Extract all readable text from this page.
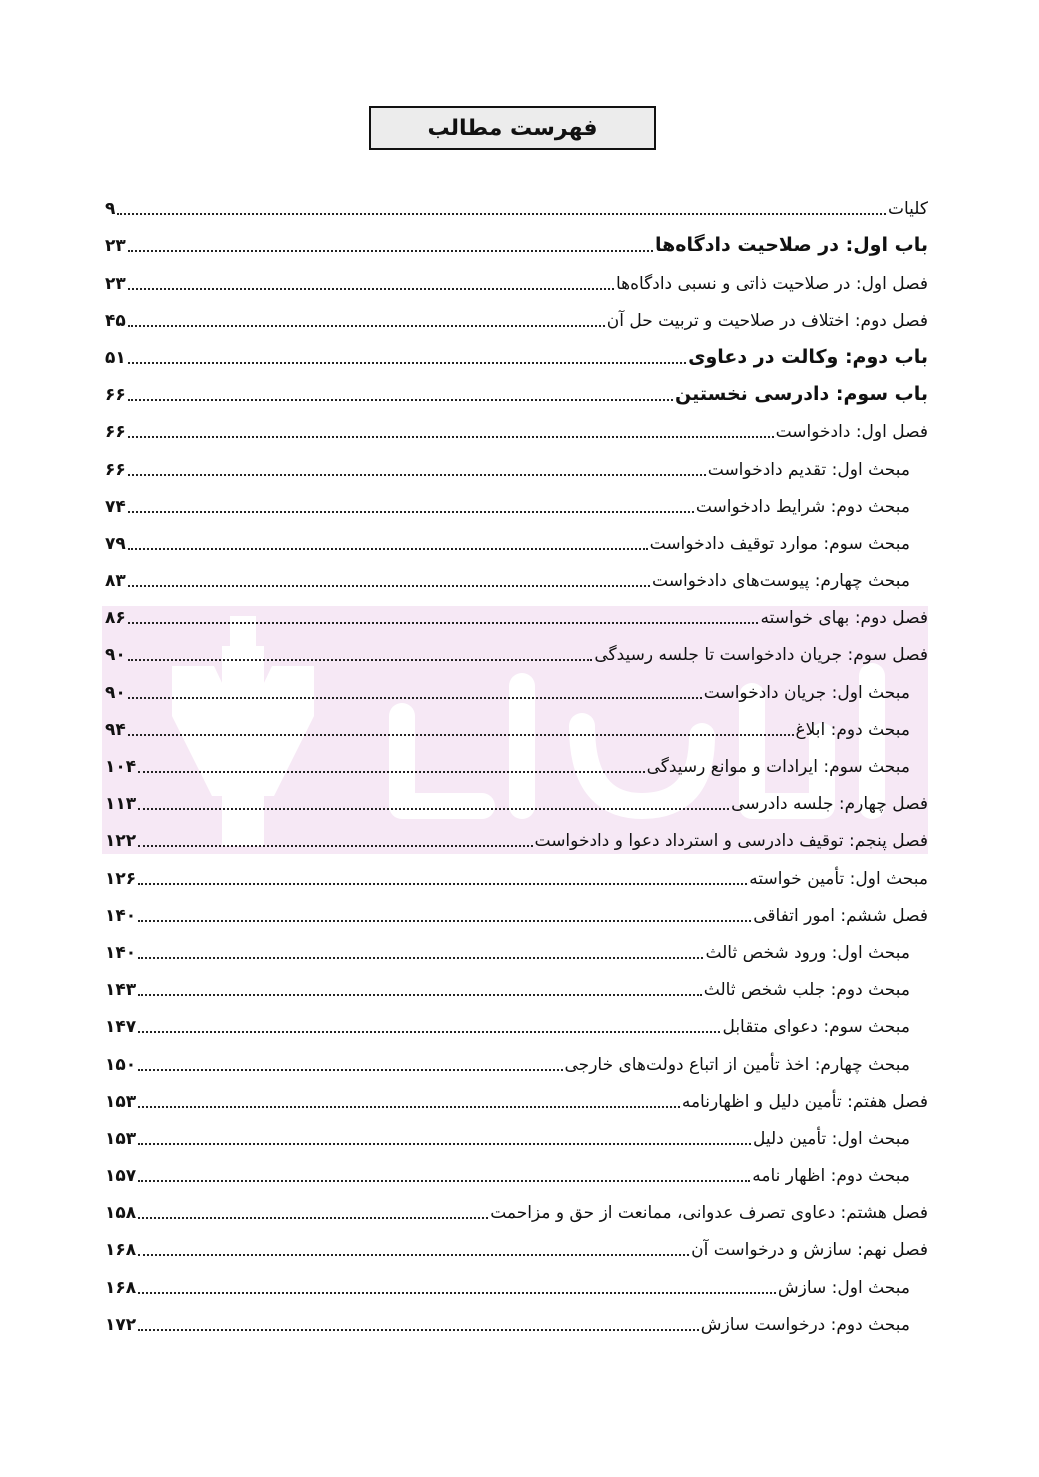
فهرست مطالب
کلیات
۹
باب اول: در صلاحیت دادگاه‌ها
۲۳
فصل اول: در صلاحیت ذاتی و نسبی دادگاه‌ها
۲۳
فصل دوم: اختلاف در صلاحیت و تربیت حل آن
۴۵
باب دوم: وکالت در دعاوی
۵۱
باب سوم: دادرسی نخستین
۶۶
فصل اول: دادخواست
۶۶
مبحث اول: تقدیم دادخواست
۶۶
مبحث دوم: شرایط دادخواست
۷۴
مبحث سوم: موارد توقیف دادخواست
۷۹
مبحث چهارم: پیوست‌های دادخواست
۸۳
فصل دوم: بهای خواسته
۸۶
فصل سوم: جریان دادخواست تا جلسه رسیدگی
۹۰
مبحث اول: جریان دادخواست
۹۰
مبحث دوم: ابلاغ
۹۴
مبحث سوم: ایرادات و موانع رسیدگی
۱۰۴
فصل چهارم: جلسه دادرسی
۱۱۳
فصل پنجم: توقیف دادرسی و استرداد دعوا و دادخواست
۱۲۲
مبحث اول: تأمین خواسته
۱۲۶
فصل ششم: امور اتفاقی
۱۴۰
مبحث اول: ورود شخص ثالث
۱۴۰
مبحث دوم: جلب شخص ثالث
۱۴۳
مبحث سوم: دعوای متقابل
۱۴۷
مبحث چهارم: اخذ تأمین از اتباع دولت‌های خارجی
۱۵۰
فصل هفتم: تأمین دلیل و اظهارنامه
۱۵۳
مبحث اول: تأمین دلیل
۱۵۳
مبحث دوم: اظهار نامه
۱۵۷
فصل هشتم: دعاوی تصرف عدوانی، ممانعت از حق و مزاحمت
۱۵۸
فصل نهم: سازش و درخواست آن
۱۶۸
مبحث اول: سازش
۱۶۸
مبحث دوم: درخواست سازش
۱۷۲
